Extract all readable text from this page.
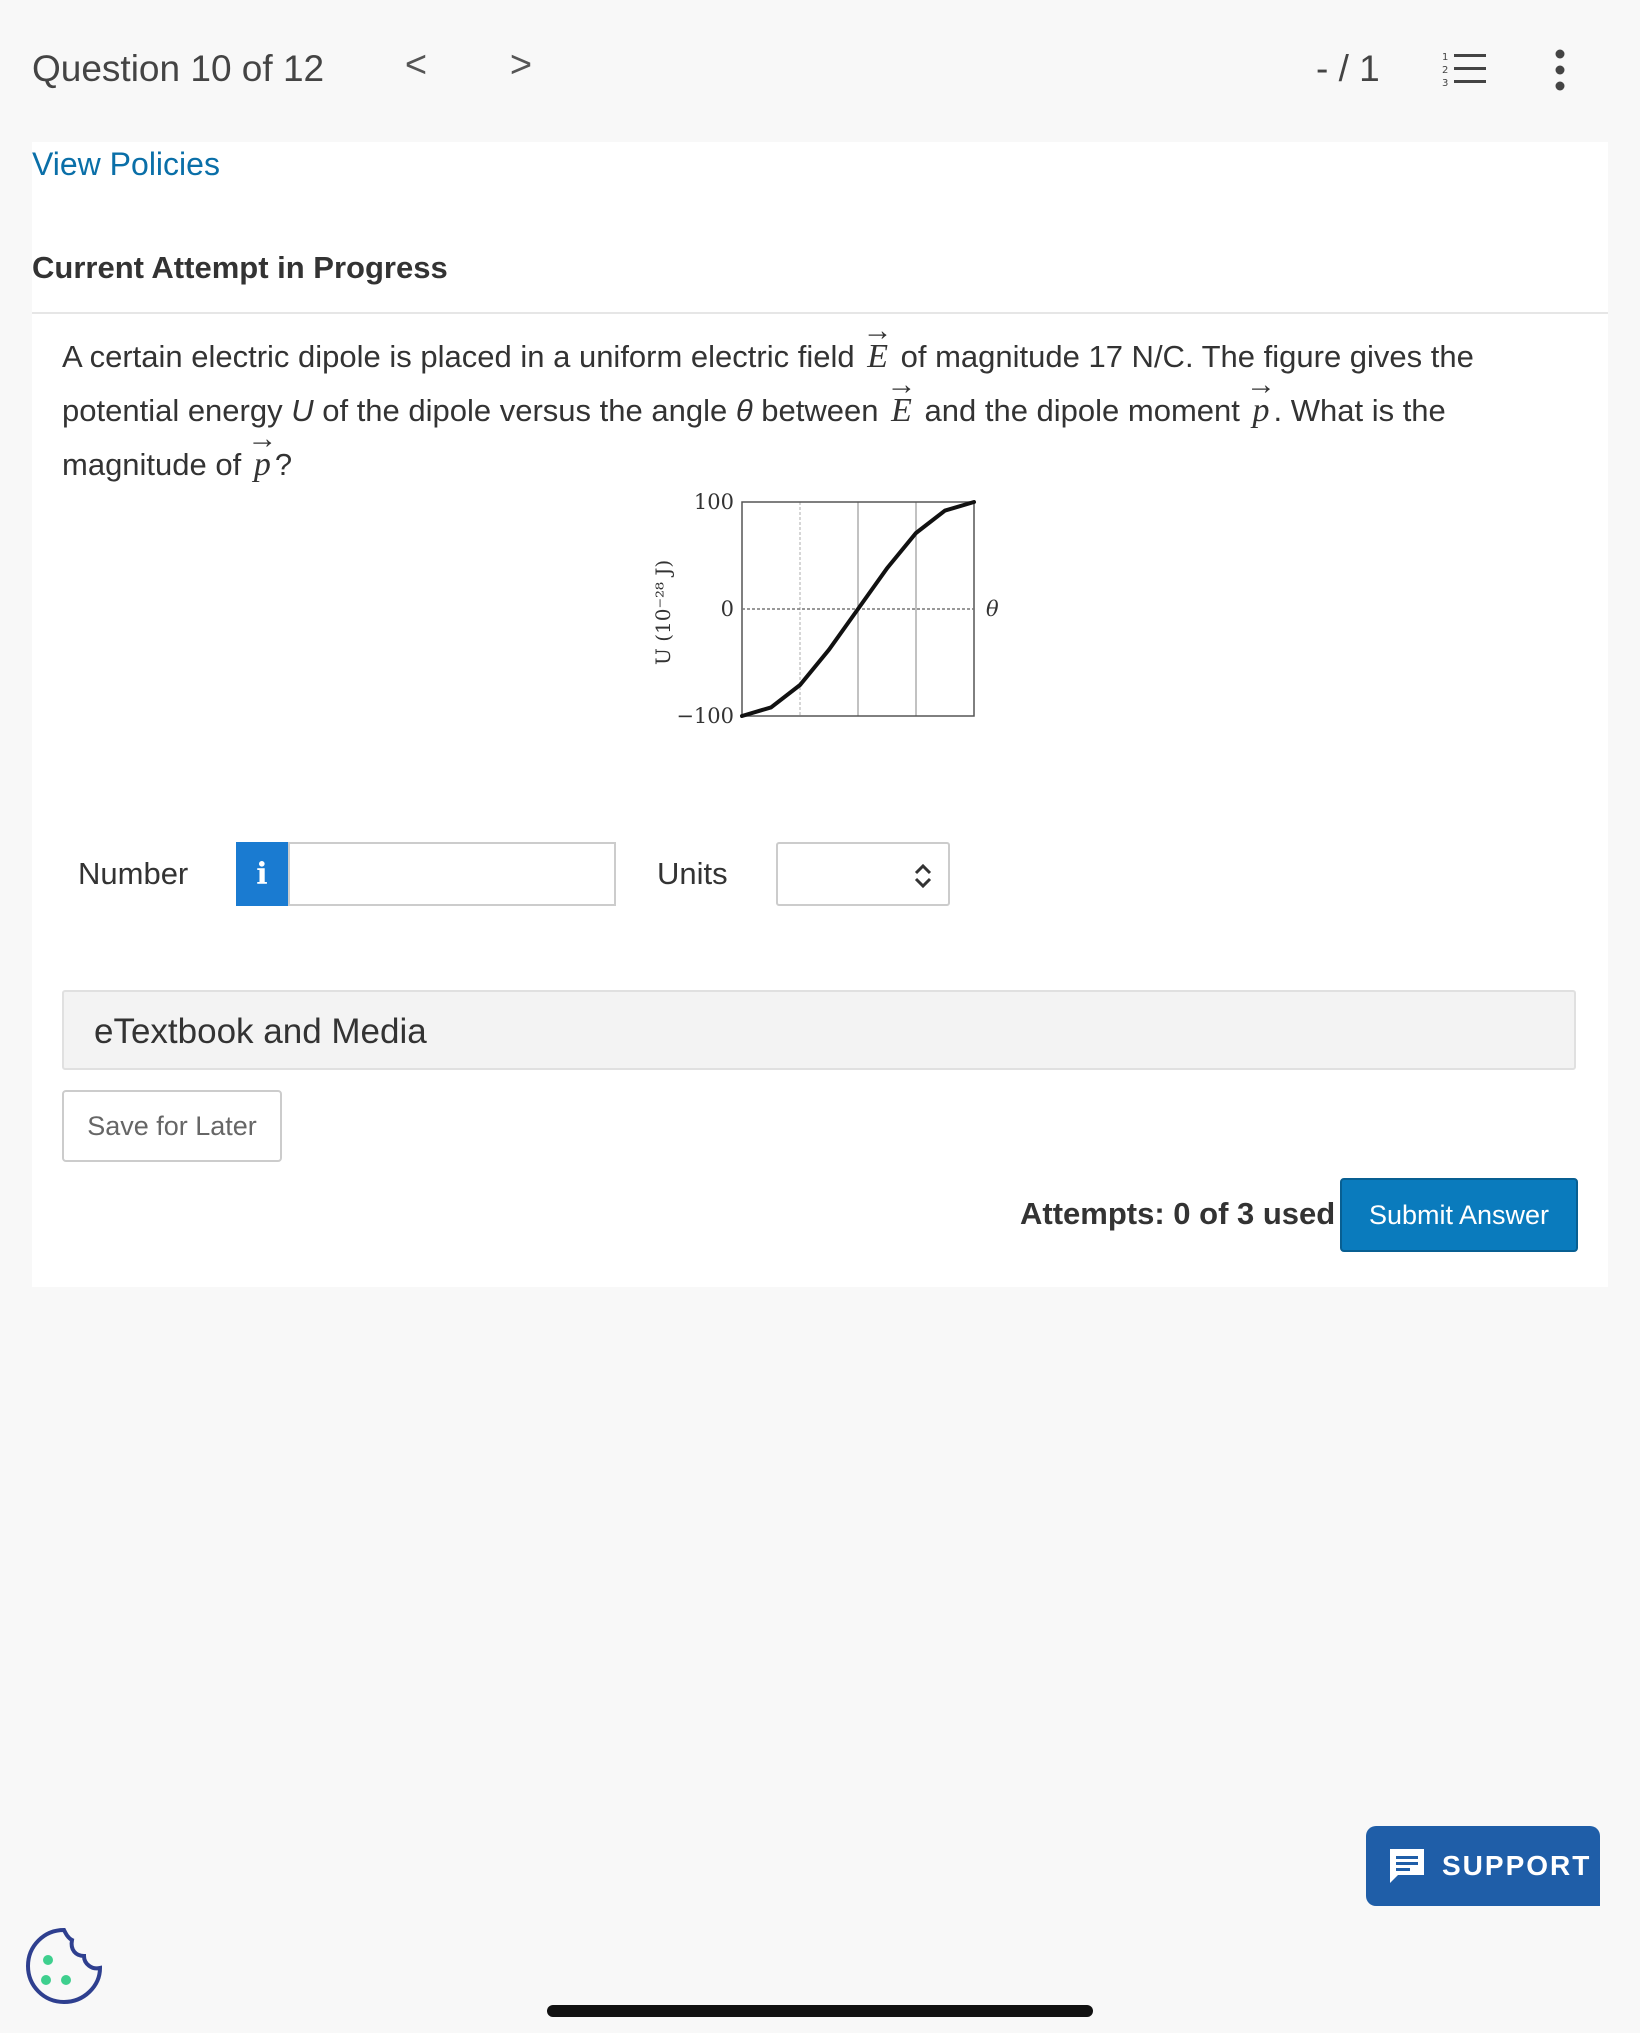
Question 10 of 12 < >	- / 1	1
2
3
View Policies
Current Attempt in Progress
A certain electric dipole is placed in a uniform electric field → E of magnitude 17 N/C. The figure gives the potential energy U of the dipole versus the angle θ between → E and the dipole moment → p . What is the magnitude of → p ?
100
0
−100
θ
U (10⁻²⁸ J)
Number	i	Units
eTextbook and Media
Save for Later
Attempts: 0 of 3 used	Submit Answer
SUPPORT
